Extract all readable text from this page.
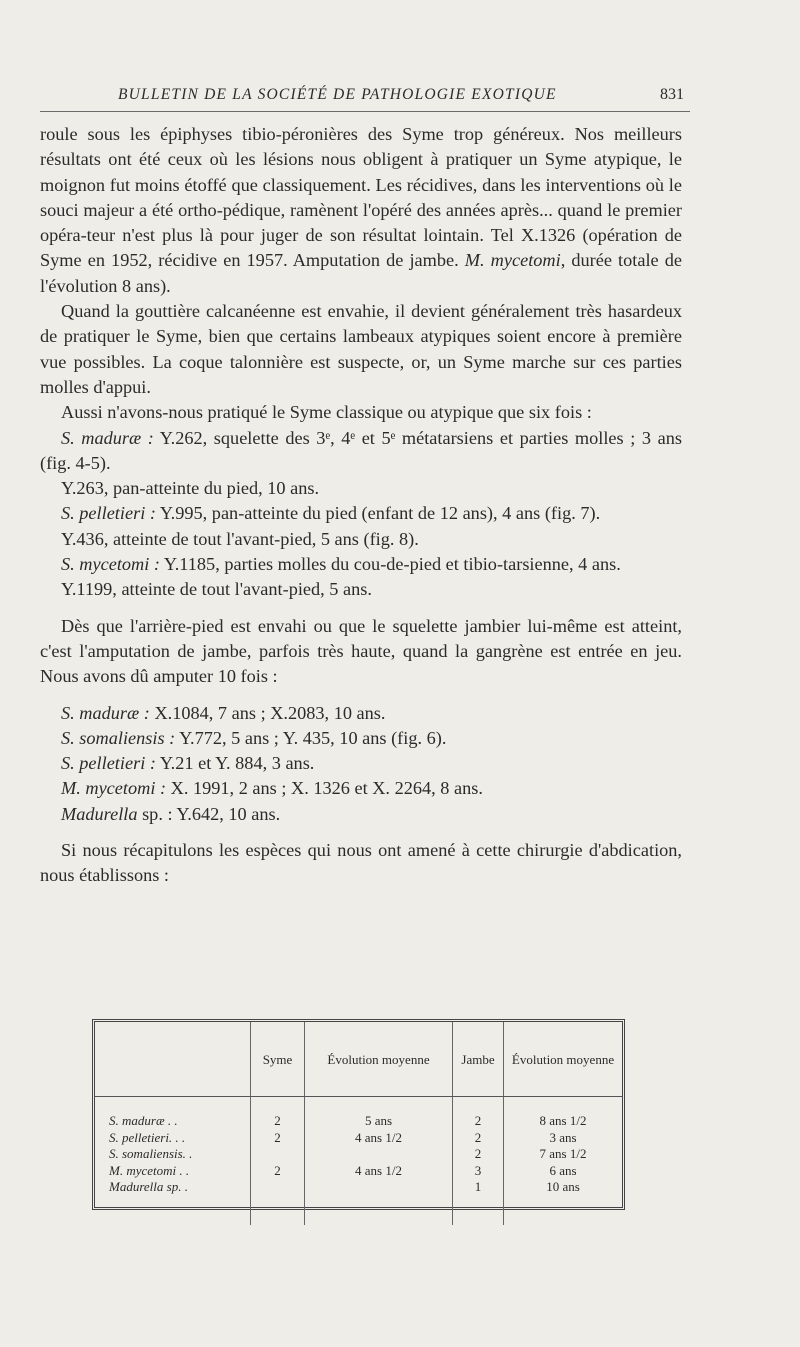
BULLETIN DE LA SOCIÉTÉ DE PATHOLOGIE EXOTIQUE	831

roule sous les épiphyses tibio-péronières des Syme trop généreux. Nos meilleurs résultats ont été ceux où les lésions nous obligent à pratiquer un Syme atypique, le moignon fut moins étoffé que classiquement. Les récidives, dans les interventions où le souci majeur a été ortho-pédique, ramènent l'opéré des années après... quand le premier opéra-teur n'est plus là pour juger de son résultat lointain. Tel X.1326 (opération de Syme en 1952, récidive en 1957. Amputation de jambe. M. mycetomi, durée totale de l'évolution 8 ans).

Quand la gouttière calcanéenne est envahie, il devient généralement très hasardeux de pratiquer le Syme, bien que certains lambeaux atypiques soient encore à première vue possibles. La coque talonnière est suspecte, or, un Syme marche sur ces parties molles d'appui.

Aussi n'avons-nous pratiqué le Syme classique ou atypique que six fois :

S. maduræ : Y.262, squelette des 3ᵉ, 4ᵉ et 5ᵉ métatarsiens et parties molles ; 3 ans (fig. 4-5).

Y.263, pan-atteinte du pied, 10 ans.

S. pelletieri : Y.995, pan-atteinte du pied (enfant de 12 ans), 4 ans (fig. 7).

Y.436, atteinte de tout l'avant-pied, 5 ans (fig. 8).

S. mycetomi : Y.1185, parties molles du cou-de-pied et tibio-tarsienne, 4 ans.

Y.1199, atteinte de tout l'avant-pied, 5 ans.

Dès que l'arrière-pied est envahi ou que le squelette jambier lui-même est atteint, c'est l'amputation de jambe, parfois très haute, quand la gangrène est entrée en jeu. Nous avons dû amputer 10 fois :

S. maduræ : X.1084, 7 ans ; X.2083, 10 ans.

S. somaliensis : Y.772, 5 ans ; Y. 435, 10 ans (fig. 6).

S. pelletieri : Y.21 et Y. 884, 3 ans.

M. mycetomi : X. 1991, 2 ans ; X. 1326 et X. 2264, 8 ans.

Madurella sp. : Y.642, 10 ans.

Si nous récapitulons les espèces qui nous ont amené à cette chirurgie d'abdication, nous établissons :

	Syme	Évolution moyenne	Jambe	Évolution moyenne

S. maduræ . .	2	5 ans	2	8 ans 1/2
S. pelletieri. . .	2	4 ans 1/2	2	3 ans
S. somaliensis. .			2	7 ans 1/2
M. mycetomi . .	2	4 ans 1/2	3	6 ans
Madurella sp. .			1	10 ans
